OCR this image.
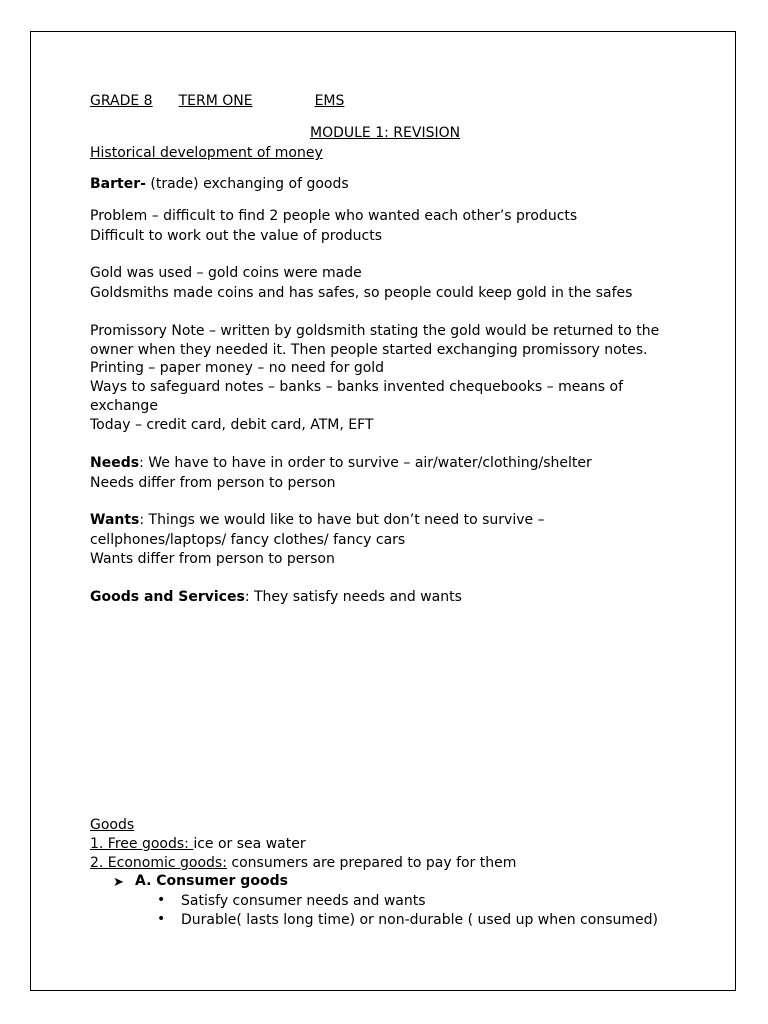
GRADE 8 TERM ONE	EMS
MODULE 1: REVISION
Historical development of money
Barter- (trade) exchanging of goods
Problem – difficult to find 2 people who wanted each other’s products
Difficult to work out the value of products
Gold was used – gold coins were made
Goldsmiths made coins and has safes, so people could keep gold in the safes
Promissory Note – written by goldsmith stating the gold would be returned to the
owner when they needed it. Then people started exchanging promissory notes.
Printing – paper money – no need for gold
Ways to safeguard notes – banks – banks invented chequebooks – means of
exchange
Today – credit card, debit card, ATM, EFT
Needs: We have to have in order to survive – air/water/clothing/shelter
Needs differ from person to person
Wants: Things we would like to have but don’t need to survive –
cellphones/laptops/ fancy clothes/ fancy cars
Wants differ from person to person
Goods and Services: They satisfy needs and wants
Goods
1. Free goods: ice or sea water
2. Economic goods: consumers are prepared to pay for them
➤ A. Consumer goods
• Satisfy consumer needs and wants
• Durable( lasts long time) or non-durable ( used up when consumed)
